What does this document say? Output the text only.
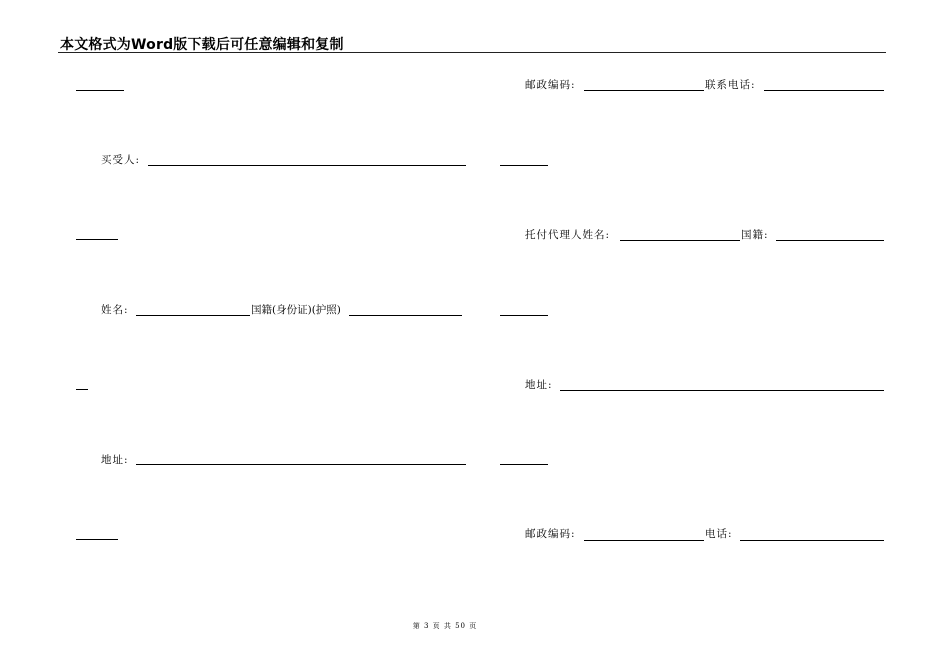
本文格式为Word版下载后可任意编辑和复制
买受人:
姓名:	国籍(身份证)(护照)
地址:
邮政编码:	联系电话:
托付代理人姓名:	国籍:
地址:
邮政编码:	电话:
第 3 页 共 50 页
